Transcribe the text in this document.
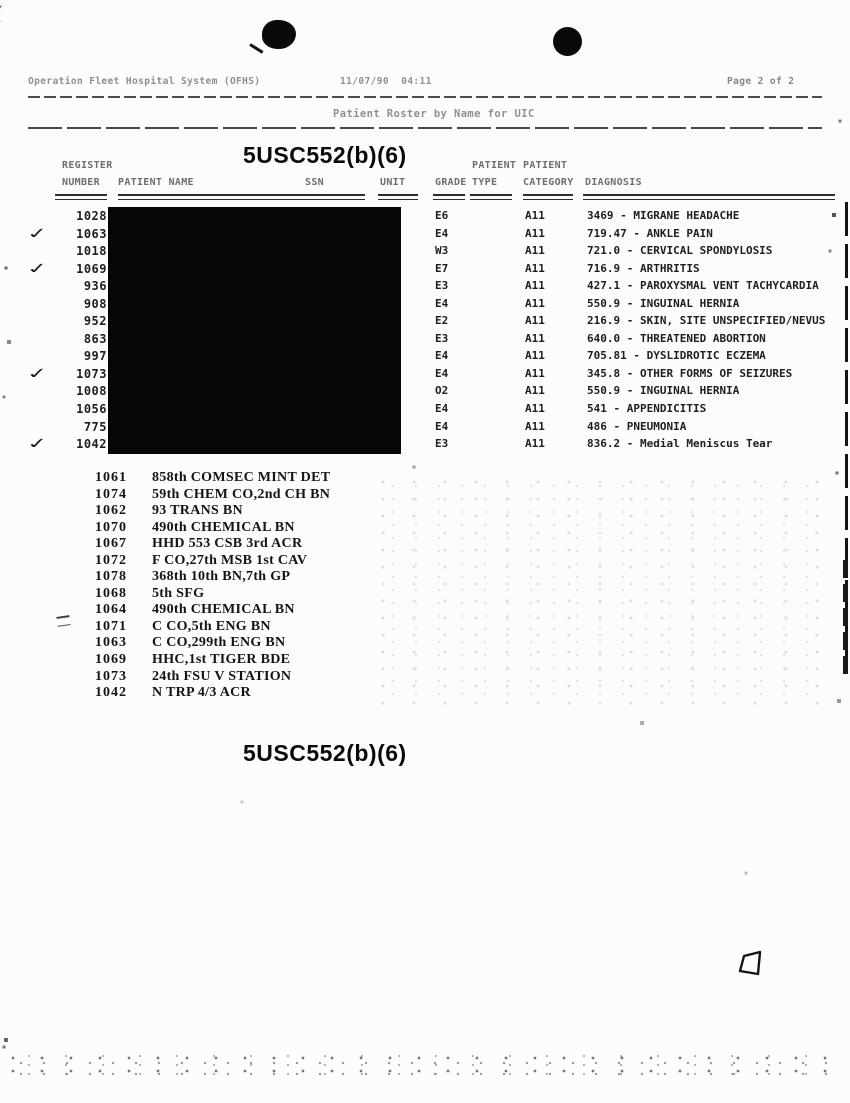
Operation Fleet Hospital System (OFHS)	11/07/90  04:11	Page 2 of 2
Patient Roster by Name for UIC
5USC552(b)(6)
5USC552(b)(6)
REGISTER
NUMBER PATIENT NAME	SSN	UNIT	GRADE
PATIENT
TYPE
PATIENT
CATEGORY DIAGNOSIS
1028	E6	A11	3469 - MIGRANE HEADACHE
✓	1063	E4	A11	719.47 - ANKLE PAIN
1018	W3	A11	721.0 - CERVICAL SPONDYLOSIS
✓	1069	E7	A11	716.9 - ARTHRITIS
936	E3	A11	427.1 - PAROXYSMAL VENT TACHYCARDIA
908	E4	A11	550.9 - INGUINAL HERNIA
952	E2	A11	216.9 - SKIN, SITE UNSPECIFIED/NEVUS
863	E3	A11	640.0 - THREATENED ABORTION
997	E4	A11	705.81 - DYSLIDROTIC ECZEMA
✓	1073	E4	A11	345.8 - OTHER FORMS OF SEIZURES
1008	O2	A11	550.9 - INGUINAL HERNIA
1056	E4	A11	541 - APPENDICITIS
775	E4	A11	486 - PNEUMONIA
✓	1042	E3	A11	836.2 - Medial Meniscus Tear
1061 858th COMSEC MINT DET
1074 59th CHEM CO,2nd CH BN
1062 93 TRANS BN
1070 490th CHEMICAL BN
1067 HHD 553 CSB 3rd ACR
1072 F CO,27th MSB 1st CAV
1078 368th 10th BN,7th GP
1068 5th SFG
1064 490th CHEMICAL BN
1071 C CO,5th ENG BN
1063 C CO,299th ENG BN
1069 HHC,1st TIGER BDE
1073 24th FSU V STATION
1042 N TRP 4/3 ACR
